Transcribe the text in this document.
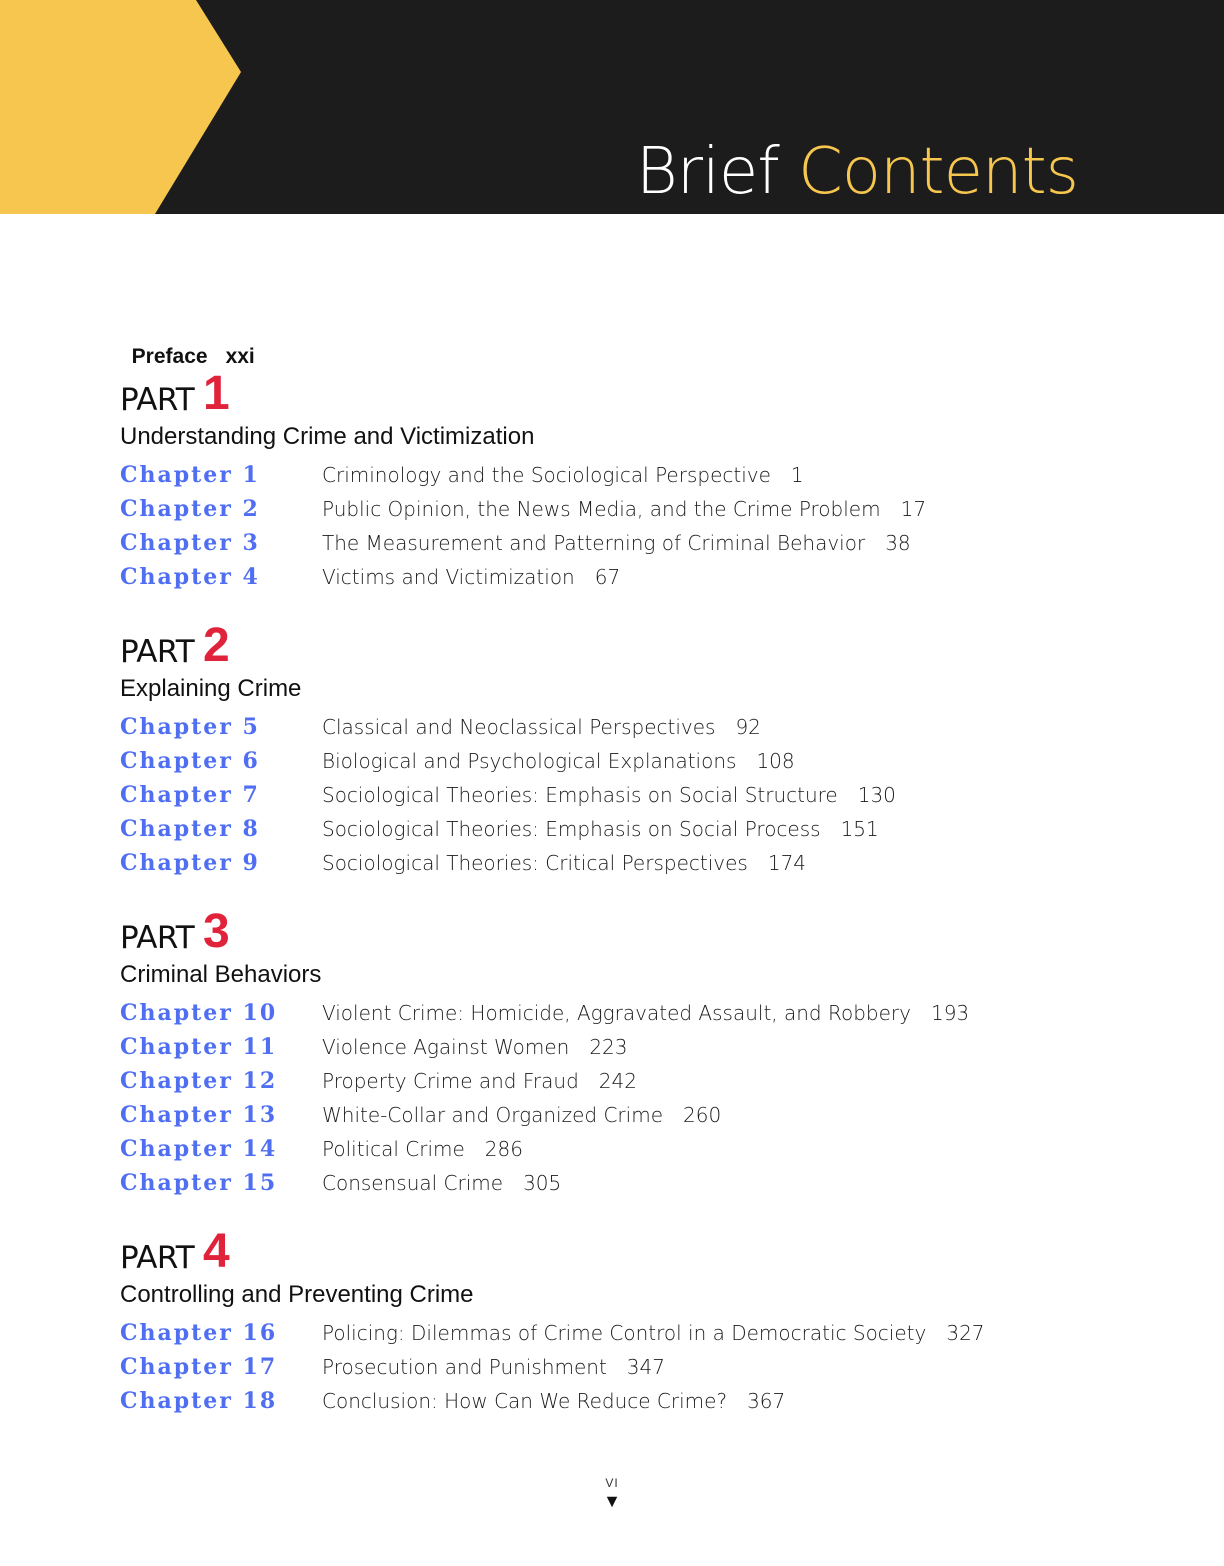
Brief Contents

Preface xxi

PART 1
Understanding Crime and Victimization
Chapter 1	Criminology and the Sociological Perspective 1
Chapter 2	Public Opinion, the News Media, and the Crime Problem 17
Chapter 3	The Measurement and Patterning of Criminal Behavior 38
Chapter 4	Victims and Victimization 67
PART 2
Explaining Crime
Chapter 5	Classical and Neoclassical Perspectives 92
Chapter 6	Biological and Psychological Explanations 108
Chapter 7	Sociological Theories: Emphasis on Social Structure 130
Chapter 8	Sociological Theories: Emphasis on Social Process 151
Chapter 9	Sociological Theories: Critical Perspectives 174
PART 3
Criminal Behaviors
Chapter 10 Violent Crime: Homicide, Aggravated Assault, and Robbery 193
Chapter 11 Violence Against Women 223
Chapter 12 Property Crime and Fraud 242
Chapter 13 White-Collar and Organized Crime 260
Chapter 14 Political Crime 286
Chapter 15 Consensual Crime 305
PART 4
Controlling and Preventing Crime
Chapter 16 Policing: Dilemmas of Crime Control in a Democratic Society 327
Chapter 17 Prosecution and Punishment 347
Chapter 18 Conclusion: How Can We Reduce Crime? 367
VI
▼
